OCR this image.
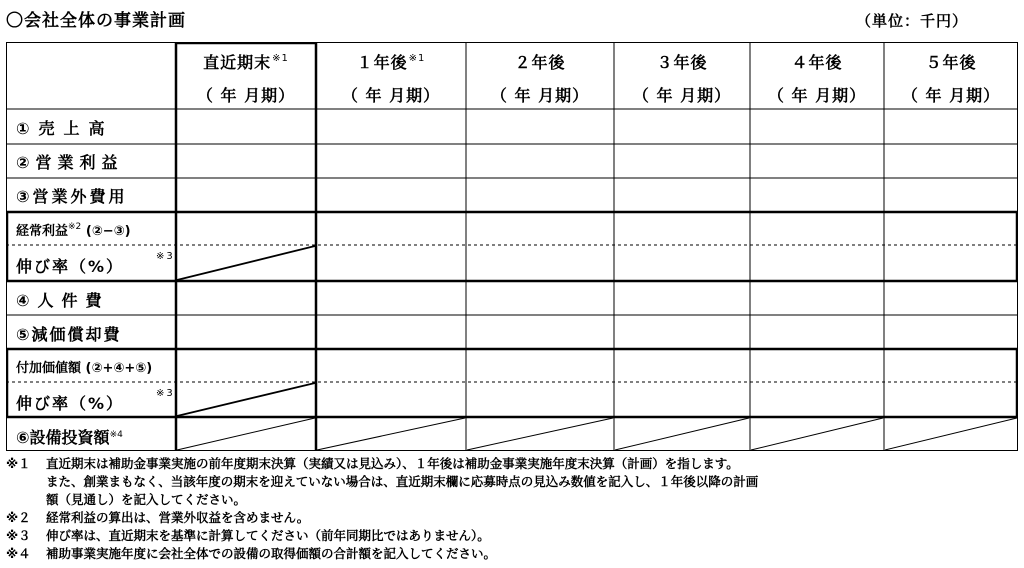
〇会社全体の事業計画	（単位：千円）
直近期末$^{※1}$
（ 年 月期）
１年後$^{※1}$
（ 年 月期）
２年後
（ 年 月期）
３年後
（ 年 月期）
４年後
（ 年 月期）
５年後
（ 年 月期）
①売上高
②営業利益
③営業外費用
経常利益$^{※2}$ (②−③)
伸び率（%）
※3
④人件費
⑤減価償却費
付加価値額 (②+④+⑤)
伸び率（%）
※3
⑥設備投資額$^{※4}$
※１ 直近期末は補助金事業実施の前年度期末決算（実績又は見込み）、１年後は補助金事業実施年度末決算（計画）を指します。
また、創業まもなく、当該年度の期末を迎えていない場合は、直近期末欄に応募時点の見込み数値を記入し、１年後以降の計画
額（見通し）を記入してください。
※２ 経常利益の算出は、営業外収益を含めません。
※３ 伸び率は、直近期末を基準に計算してください（前年同期比ではありません）。
※４ 補助事業実施年度に会社全体での設備の取得価額の合計額を記入してください。
